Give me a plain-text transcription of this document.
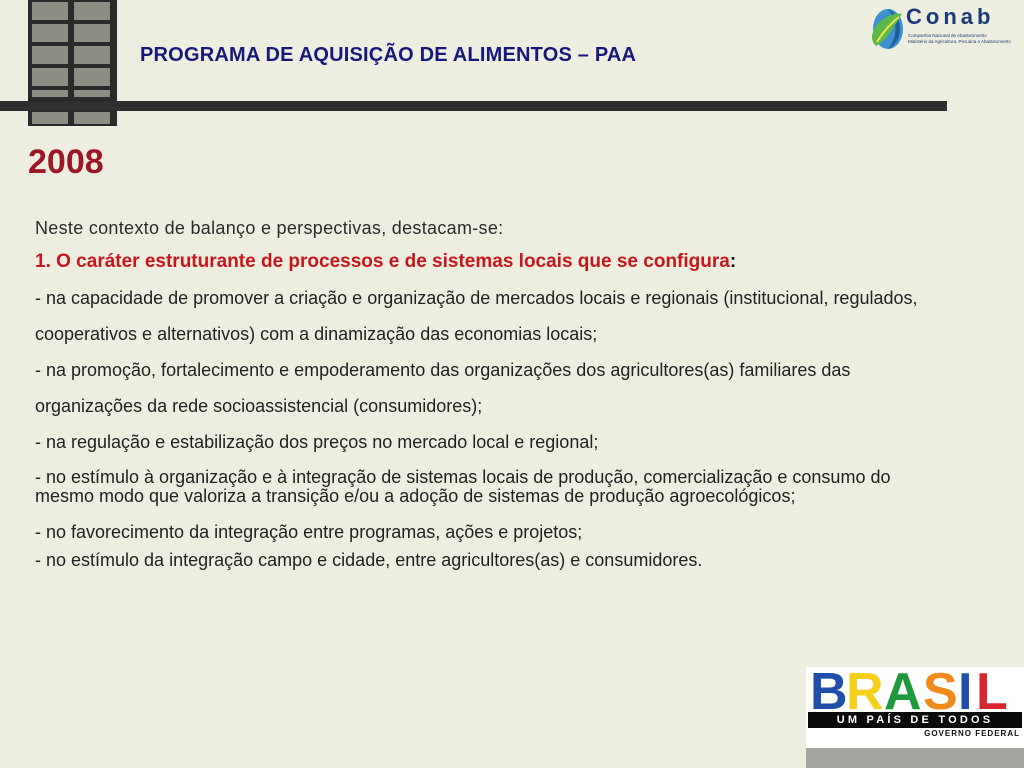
PROGRAMA DE AQUISIÇÃO DE ALIMENTOS – PAA
Conab
Companhia Nacional de Abastecimento
Ministério da Agricultura, Pecuária e Abastecimento
2008
Neste contexto de balanço e perspectivas, destacam-se:
1. O caráter estruturante de processos e de sistemas locais que se configura:
- na capacidade de promover a criação e organização de mercados locais e regionais (institucional, regulados, cooperativos e alternativos) com a dinamização das economias locais;
- na promoção, fortalecimento e empoderamento das organizações dos agricultores(as) familiares das organizações da rede socioassistencial (consumidores);
- na regulação e estabilização dos preços no mercado local e regional;
- no estímulo à organização e à integração de sistemas locais de produção, comercialização e consumo do mesmo modo que valoriza a transição e/ou a adoção de sistemas de produção agroecológicos;
- no favorecimento da integração entre programas, ações e projetos;
- no estímulo da integração campo e cidade, entre agricultores(as) e consumidores.
B
R A S I L
UM PAÍS DE TODOS
GOVERNO FEDERAL
